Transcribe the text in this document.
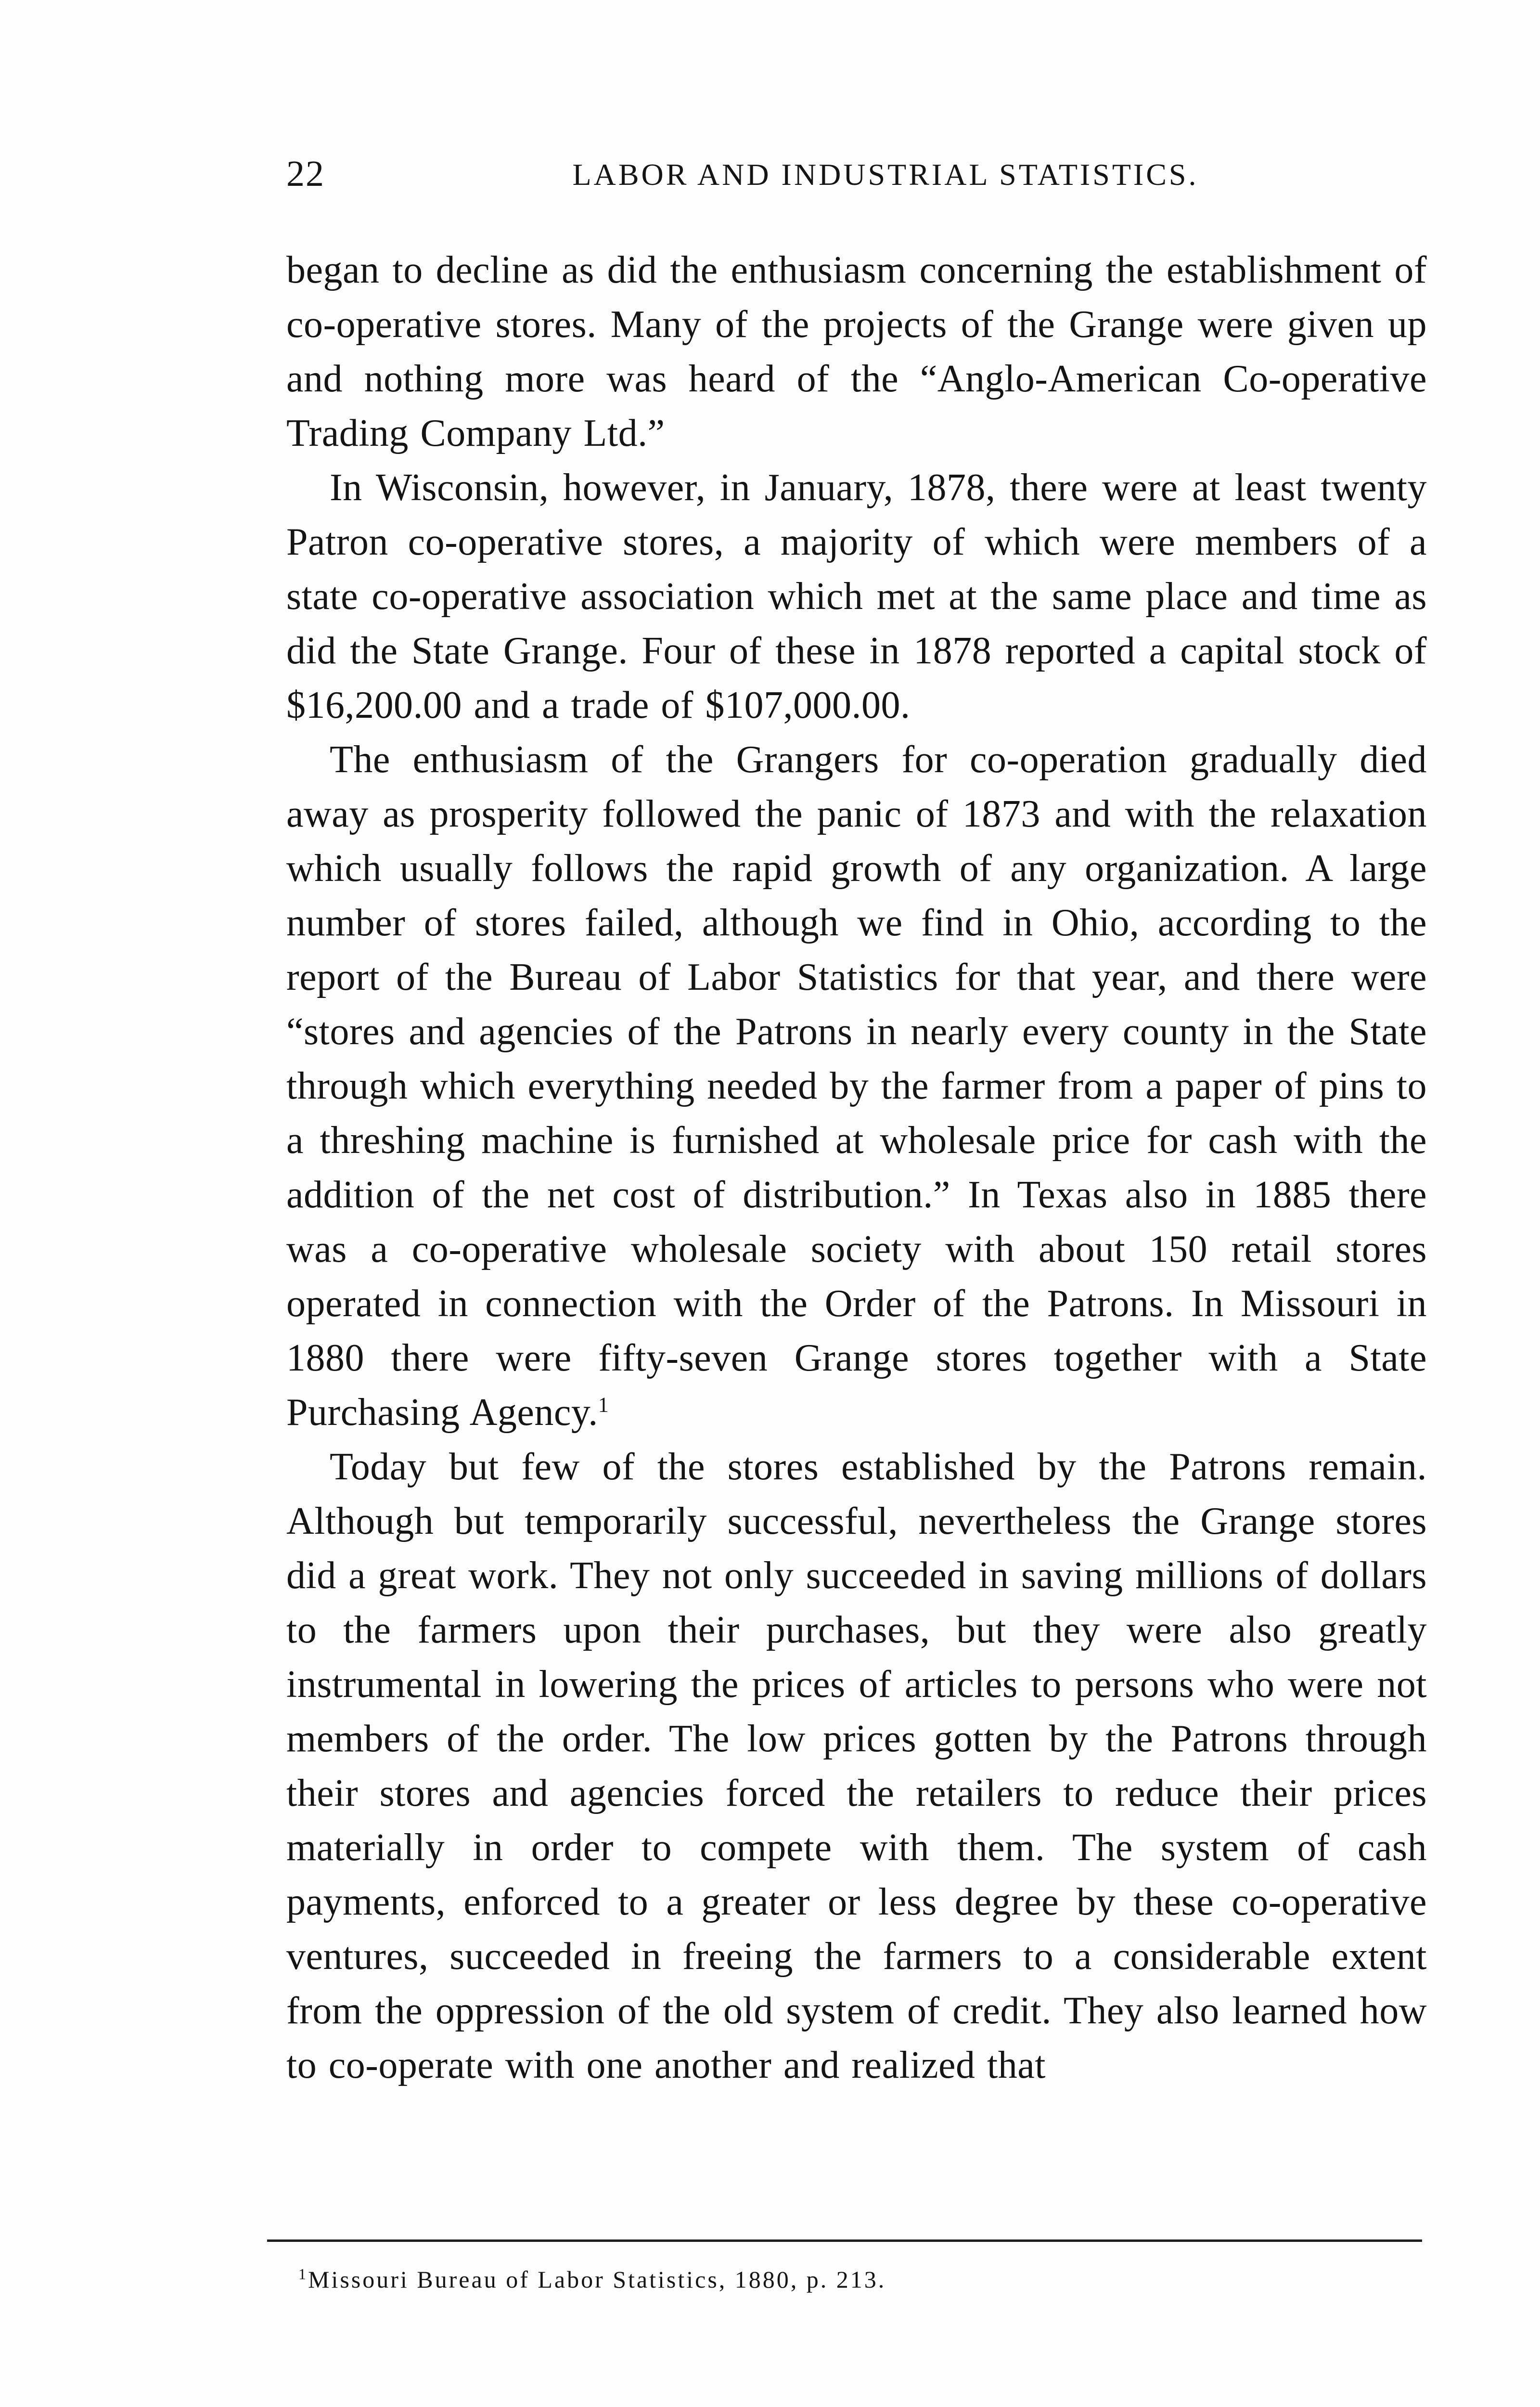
22	LABOR AND INDUSTRIAL STATISTICS.

began to decline as did the enthusiasm concerning the establishment of co-operative stores. Many of the projects of the Grange were given up and nothing more was heard of the “Anglo-American Co-operative Trading Company Ltd.”

In Wisconsin, however, in January, 1878, there were at least twenty Patron co-operative stores, a majority of which were members of a state co-operative association which met at the same place and time as did the State Grange. Four of these in 1878 reported a capital stock of $16,200.00 and a trade of $107,000.00.

The enthusiasm of the Grangers for co-operation gradually died away as prosperity followed the panic of 1873 and with the relaxation which usually follows the rapid growth of any organization. A large number of stores failed, although we find in Ohio, according to the report of the Bureau of Labor Statistics for that year, and there were “stores and agencies of the Patrons in nearly every county in the State through which everything needed by the farmer from a paper of pins to a threshing machine is furnished at wholesale price for cash with the addition of the net cost of distribution.” In Texas also in 1885 there was a co-operative wholesale society with about 150 retail stores operated in connection with the Order of the Patrons. In Missouri in 1880 there were fifty-seven Grange stores together with a State Purchasing Agency.$^1$

Today but few of the stores established by the Patrons remain. Although but temporarily successful, nevertheless the Grange stores did a great work. They not only succeeded in saving millions of dollars to the farmers upon their purchases, but they were also greatly instrumental in lowering the prices of articles to persons who were not members of the order. The low prices gotten by the Patrons through their stores and agencies forced the retailers to reduce their prices materially in order to compete with them. The system of cash payments, enforced to a greater or less degree by these co-operative ventures, succeeded in freeing the farmers to a considerable extent from the oppression of the old system of credit. They also learned how to co-operate with one another and realized that

$^1$Missouri Bureau of Labor Statistics, 1880, p. 213.
